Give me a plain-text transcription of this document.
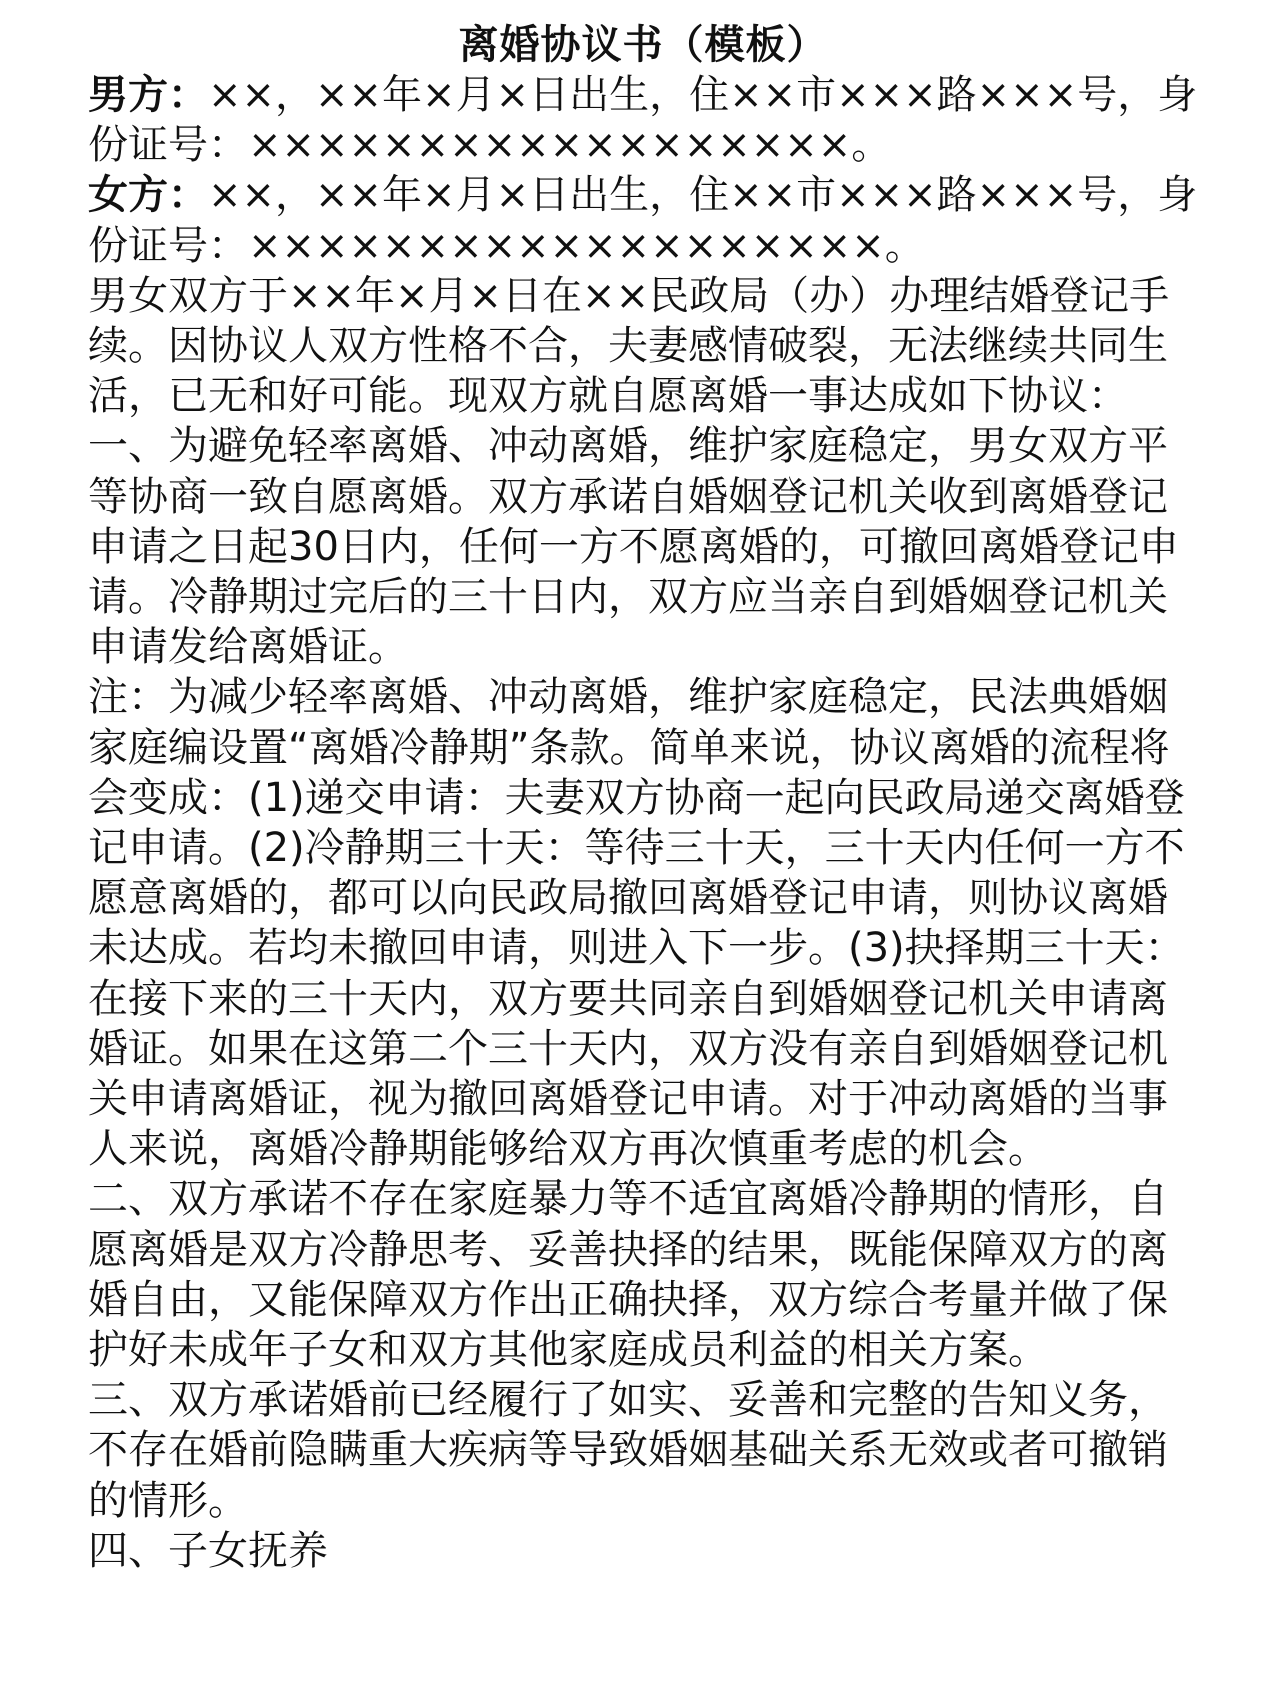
离婚协议书（模板）

男方：××，××年×月×日出生，住××市×××路×××号，身份证号：××××××××××××××××××。

女方：××，××年×月×日出生，住××市×××路×××号，身份证号：×××××××××××××××××××。

男女双方于××年×月×日在××民政局（办）办理结婚登记手续。因协议人双方性格不合，夫妻感情破裂，无法继续共同生活，已无和好可能。现双方就自愿离婚一事达成如下协议：

一、为避免轻率离婚、冲动离婚，维护家庭稳定，男女双方平等协商一致自愿离婚。双方承诺自婚姻登记机关收到离婚登记申请之日起30日内，任何一方不愿离婚的，可撤回离婚登记申请。冷静期过完后的三十日内，双方应当亲自到婚姻登记机关申请发给离婚证。

注：为减少轻率离婚、冲动离婚，维护家庭稳定，民法典婚姻家庭编设置“离婚冷静期”条款。简单来说，协议离婚的流程将会变成：(1)递交申请：夫妻双方协商一起向民政局递交离婚登记申请。(2)冷静期三十天：等待三十天，三十天内任何一方不愿意离婚的，都可以向民政局撤回离婚登记申请，则协议离婚未达成。若均未撤回申请，则进入下一步。(3)抉择期三十天：在接下来的三十天内，双方要共同亲自到婚姻登记机关申请离婚证。如果在这第二个三十天内，双方没有亲自到婚姻登记机关申请离婚证，视为撤回离婚登记申请。对于冲动离婚的当事人来说，离婚冷静期能够给双方再次慎重考虑的机会。

二、双方承诺不存在家庭暴力等不适宜离婚冷静期的情形，自愿离婚是双方冷静思考、妥善抉择的结果，既能保障双方的离婚自由，又能保障双方作出正确抉择，双方综合考量并做了保护好未成年子女和双方其他家庭成员利益的相关方案。

三、双方承诺婚前已经履行了如实、妥善和完整的告知义务，不存在婚前隐瞒重大疾病等导致婚姻基础关系无效或者可撤销的情形。

四、子女抚养
